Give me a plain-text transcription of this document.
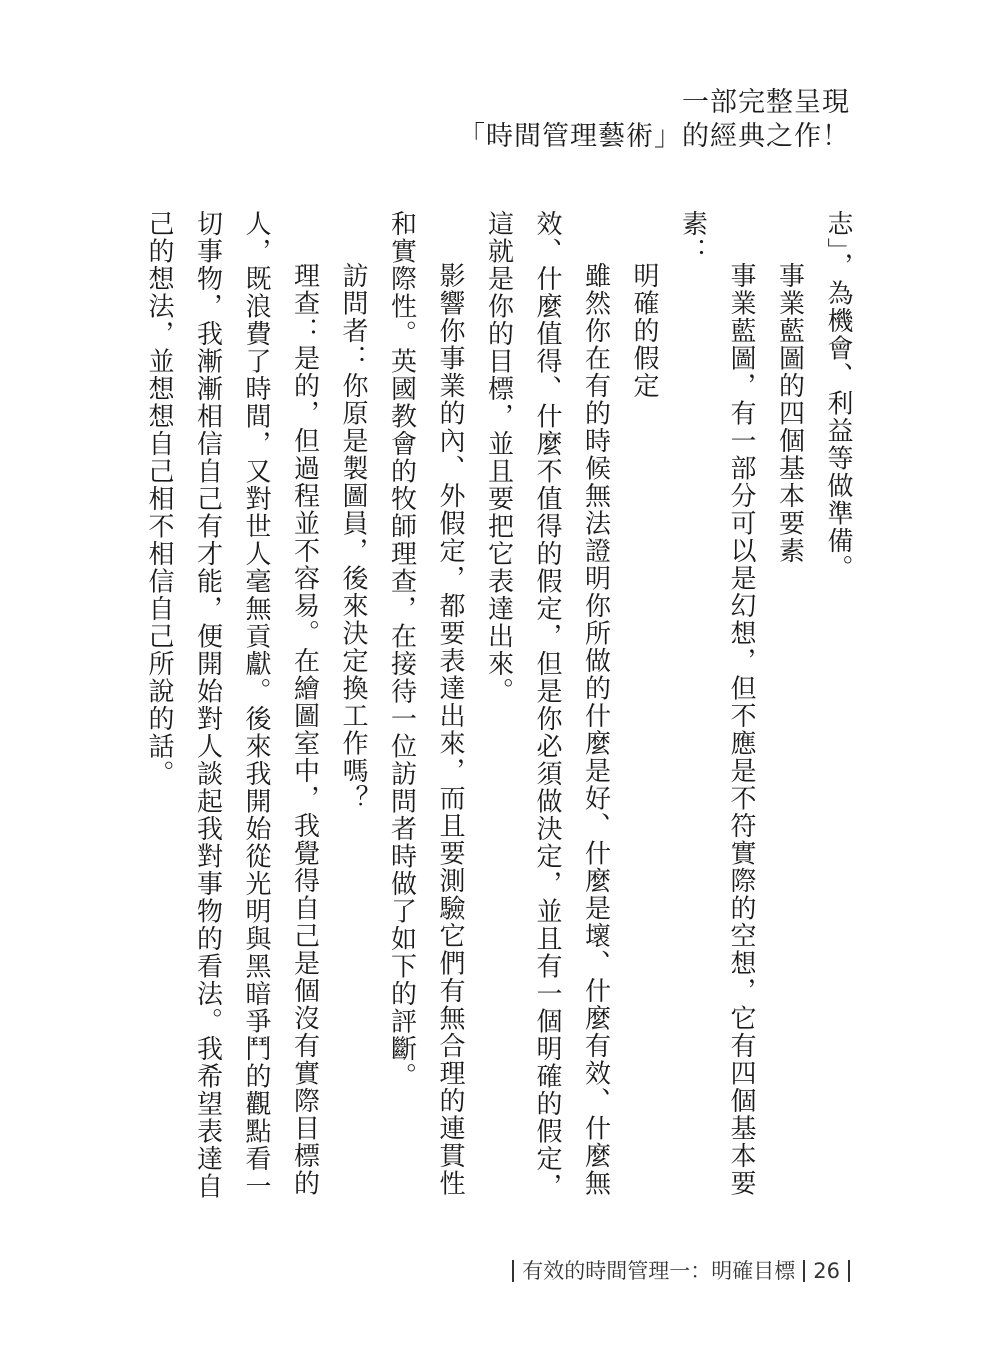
一部完整呈現
「時間管理藝術」的經典之作！

志」，為機會、利益等做準備。

事業藍圖的四個基本要素

事業藍圖，有一部分可以是幻想，但不應是不符實際的空想，它有四個基本要素：

明確的假定

雖然你在有的時候無法證明你所做的什麼是好、什麼是壞、什麼有效、什麼無效、什麼值得、什麼不值得的假定，但是你必須做決定，並且有一個明確的假定，這就是你的目標，並且要把它表達出來。

影響你事業的內、外假定，都要表達出來，而且要測驗它們有無合理的連貫性和實際性。英國教會的牧師理查，在接待一位訪問者時做了如下的評斷。

訪問者：你原是製圖員，後來決定換工作嗎？

理查：是的，但過程並不容易。在繪圖室中，我覺得自己是個沒有實際目標的人，既浪費了時間，又對世人毫無貢獻。後來我開始從光明與黑暗爭鬥的觀點看一切事物，我漸漸相信自己有才能，便開始對人談起我對事物的看法。我希望表達自己的想法，並想想自己相不相信自己所說的話。

有效的時間管理一：明確目標 26
